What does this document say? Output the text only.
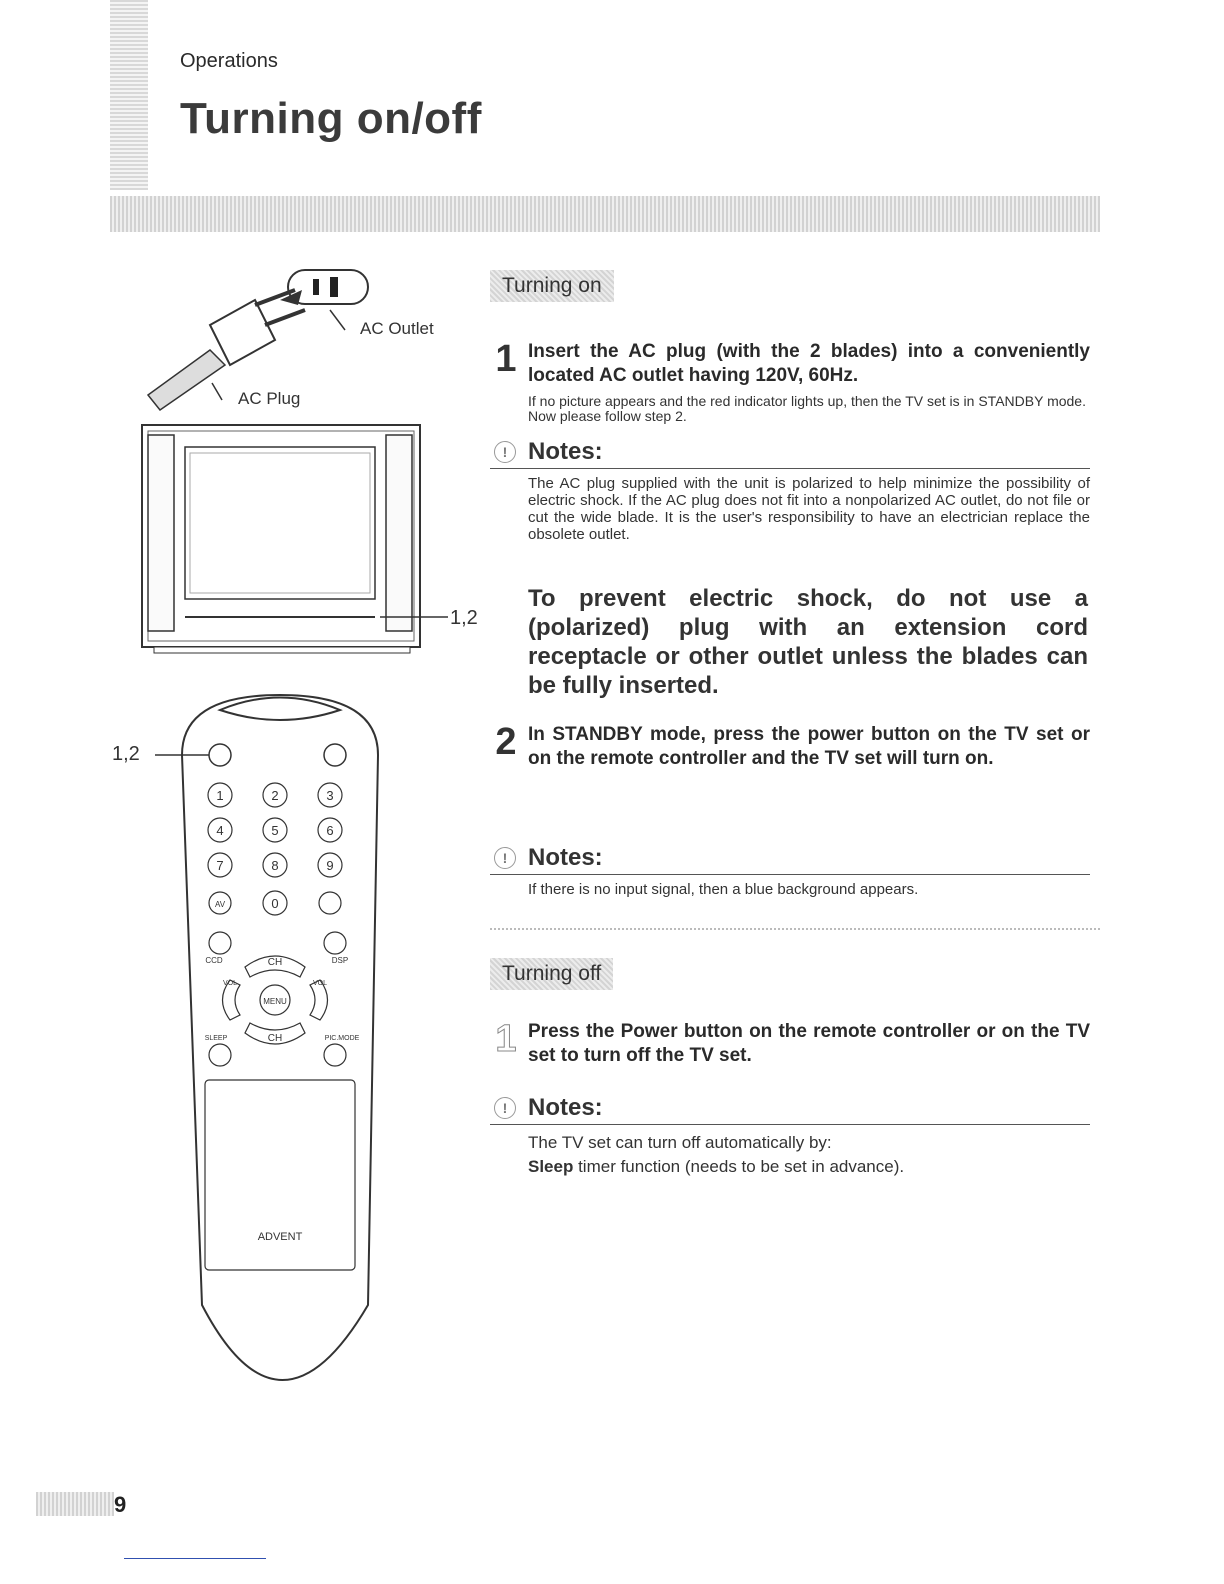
Operations
Turning on/off
1	2	3
4	5	6
7	8	9
AV	0
CCD	DSP
CH
MENU
VOL	VOL
CH
SLEEP	PIC.MODE
ADVENT
AC Outlet
AC Plug
1,2
1,2
Turning on
1 Insert the AC plug (with the 2 blades) into a conveniently located AC outlet having 120V, 60Hz.
If no picture appears and the red indicator lights up, then the TV set is in STANDBY mode. Now please follow step 2.
! Notes:
The AC plug supplied with the unit is polarized to help minimize the possibility of electric shock. If the AC plug does not fit into a nonpolarized AC outlet, do not file or cut the wide blade. It is the user's responsibility to have an electrician replace the obsolete outlet.
To prevent electric shock, do not use a (polarized) plug with an extension cord receptacle or other outlet unless the blades can be fully inserted.
2 In STANDBY mode, press the power button on the TV set or on the remote controller and the TV set will turn on.
! Notes:
If there is no input signal, then a blue background appears.
Turning off
1 Press the Power button on the remote controller or on the TV set to turn off the TV set.
! Notes:
The TV set can turn off automatically by:
Sleep timer function (needs to be set in advance).
9
